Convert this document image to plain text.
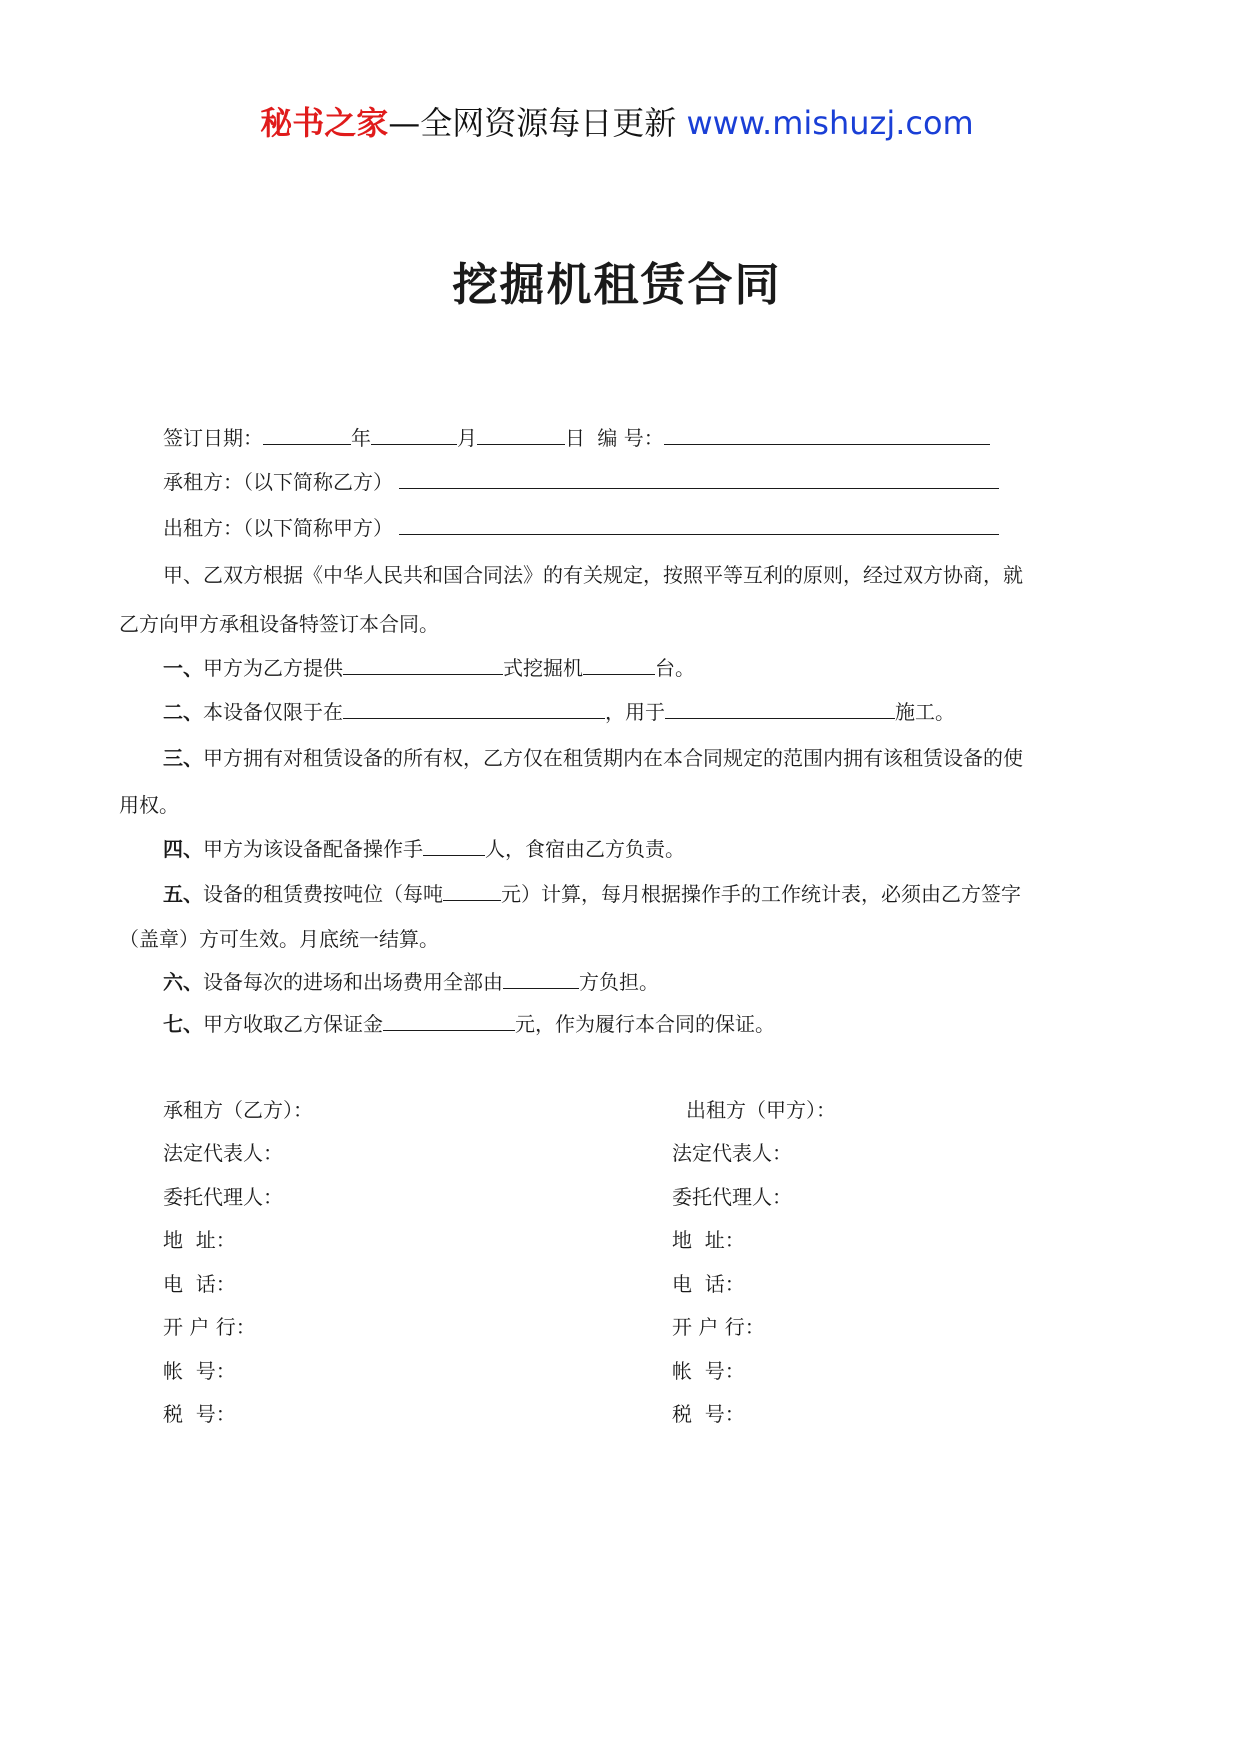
秘书之家—全网资源每日更新 www.mishuzj.com
挖掘机租赁合同
签订日期：	年	月	日 编 号：
承租方：（以下简称乙方）
出租方：（以下简称甲方）
甲、乙双方根据《中华人民共和国合同法》的有关规定，按照平等互利的原则，经过双方协商，就
乙方向甲方承租设备特签订本合同。
一、甲方为乙方提供	式挖掘机	台。
二、本设备仅限于在	，用于	施工。
三、甲方拥有对租赁设备的所有权，乙方仅在租赁期内在本合同规定的范围内拥有该租赁设备的使
用权。
四、甲方为该设备配备操作手	人，食宿由乙方负责。
五、设备的租赁费按吨位（每吨	元）计算，每月根据操作手的工作统计表，必须由乙方签字
（盖章）方可生效。月底统一结算。
六、设备每次的进场和出场费用全部由	方负担。
七、甲方收取乙方保证金	元，作为履行本合同的保证。
承租方（乙方）：	出租方（甲方）：
法定代表人：	法定代表人：
委托代理人：	委托代理人：
地  址：	地  址：
电  话：	电  话：
开 户 行：	开 户 行：
帐  号：	帐  号：
税  号：	税  号：
